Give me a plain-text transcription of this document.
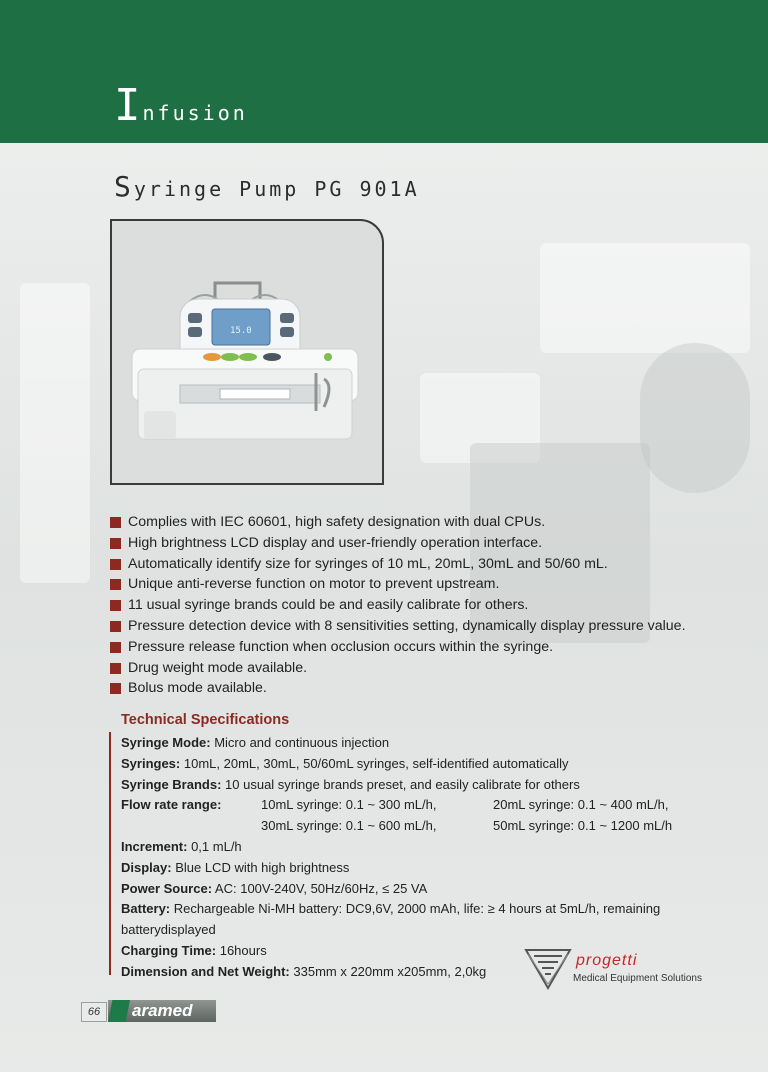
I nfusion
S yringe Pump PG 901A
15.0
Complies with IEC 60601, high safety designation with dual CPUs.
High brightness LCD display and user-friendly operation interface.
Automatically identify size for syringes of 10 mL, 20mL, 30mL and 50/60 mL.
Unique anti-reverse function on motor to prevent upstream.
11 usual syringe brands could be and easily calibrate for others.
Pressure detection device with 8 sensitivities setting, dynamically display pressure value.
Pressure release function when occlusion occurs within the syringe.
Drug weight mode available.
Bolus mode available.
Technical Specifications
Syringe Mode: Micro and continuous injection
Syringes: 10mL, 20mL, 30mL, 50/60mL syringes, self-identified automatically
Syringe Brands: 10 usual syringe brands preset, and easily calibrate for others
Flow rate range:	10mL syringe: 0.1 ~ 300 mL/h,	20mL syringe: 0.1 ~ 400 mL/h,
30mL syringe: 0.1 ~ 600 mL/h,	50mL syringe: 0.1 ~ 1200 mL/h
Increment: 0,1 mL/h
Display: Blue LCD with high brightness
Power Source: AC: 100V-240V, 50Hz/60Hz, ≤ 25 VA
Battery: Rechargeable Ni-MH battery: DC9,6V, 2000 mAh, life: ≥ 4 hours at 5mL/h, remaining batterydisplayed
Charging Time: 16hours
Dimension and Net Weight: 335mm x 220mm x205mm, 2,0kg
progetti
Medical Equipment Solutions
66	aramed
